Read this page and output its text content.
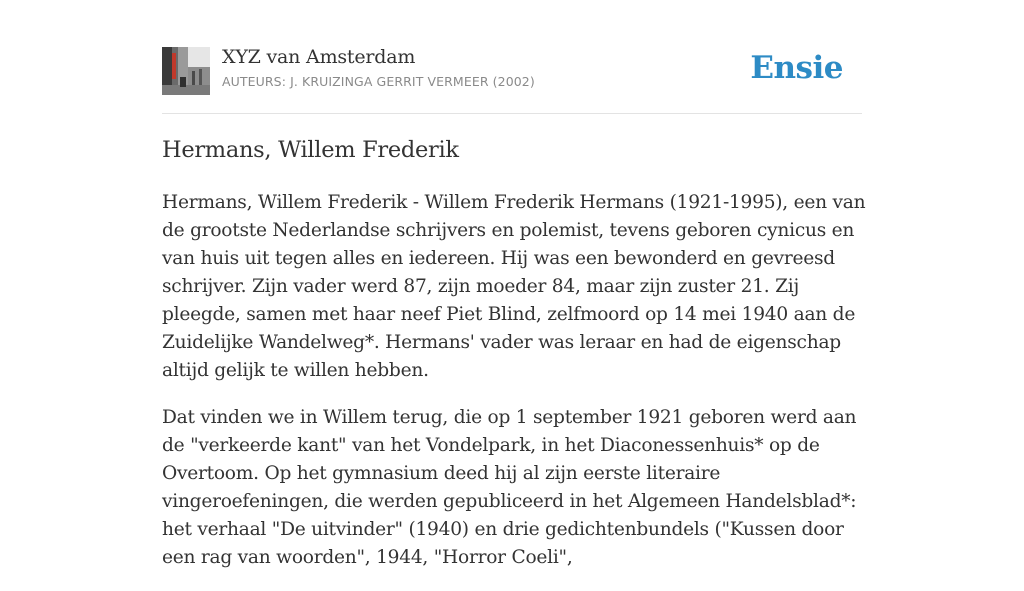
XYZ van Amsterdam
AUTEURS: J. KRUIZINGA GERRIT VERMEER (2002)	Ensie
Hermans, Willem Frederik

Hermans, Willem Frederik - Willem Frederik Hermans (1921-1995), een van de grootste Nederlandse schrijvers en polemist, tevens geboren cynicus en van huis uit tegen alles en iedereen. Hij was een bewonderd en gevreesd schrijver. Zijn vader werd 87, zijn moeder 84, maar zijn zuster 21. Zij pleegde, samen met haar neef Piet Blind, zelfmoord op 14 mei 1940 aan de Zuidelijke Wandelweg*. Hermans' vader was leraar en had de eigenschap altijd gelijk te willen hebben.

Dat vinden we in Willem terug, die op 1 september 1921 geboren werd aan de "verkeerde kant" van het Vondelpark, in het Diaconessenhuis* op de Overtoom. Op het gymnasium deed hij al zijn eerste literaire vingeroefeningen, die werden gepubliceerd in het Algemeen Handelsblad*: het verhaal "De uitvinder" (1940) en drie gedichtenbundels ("Kussen door een rag van woorden", 1944, "Horror Coeli",
